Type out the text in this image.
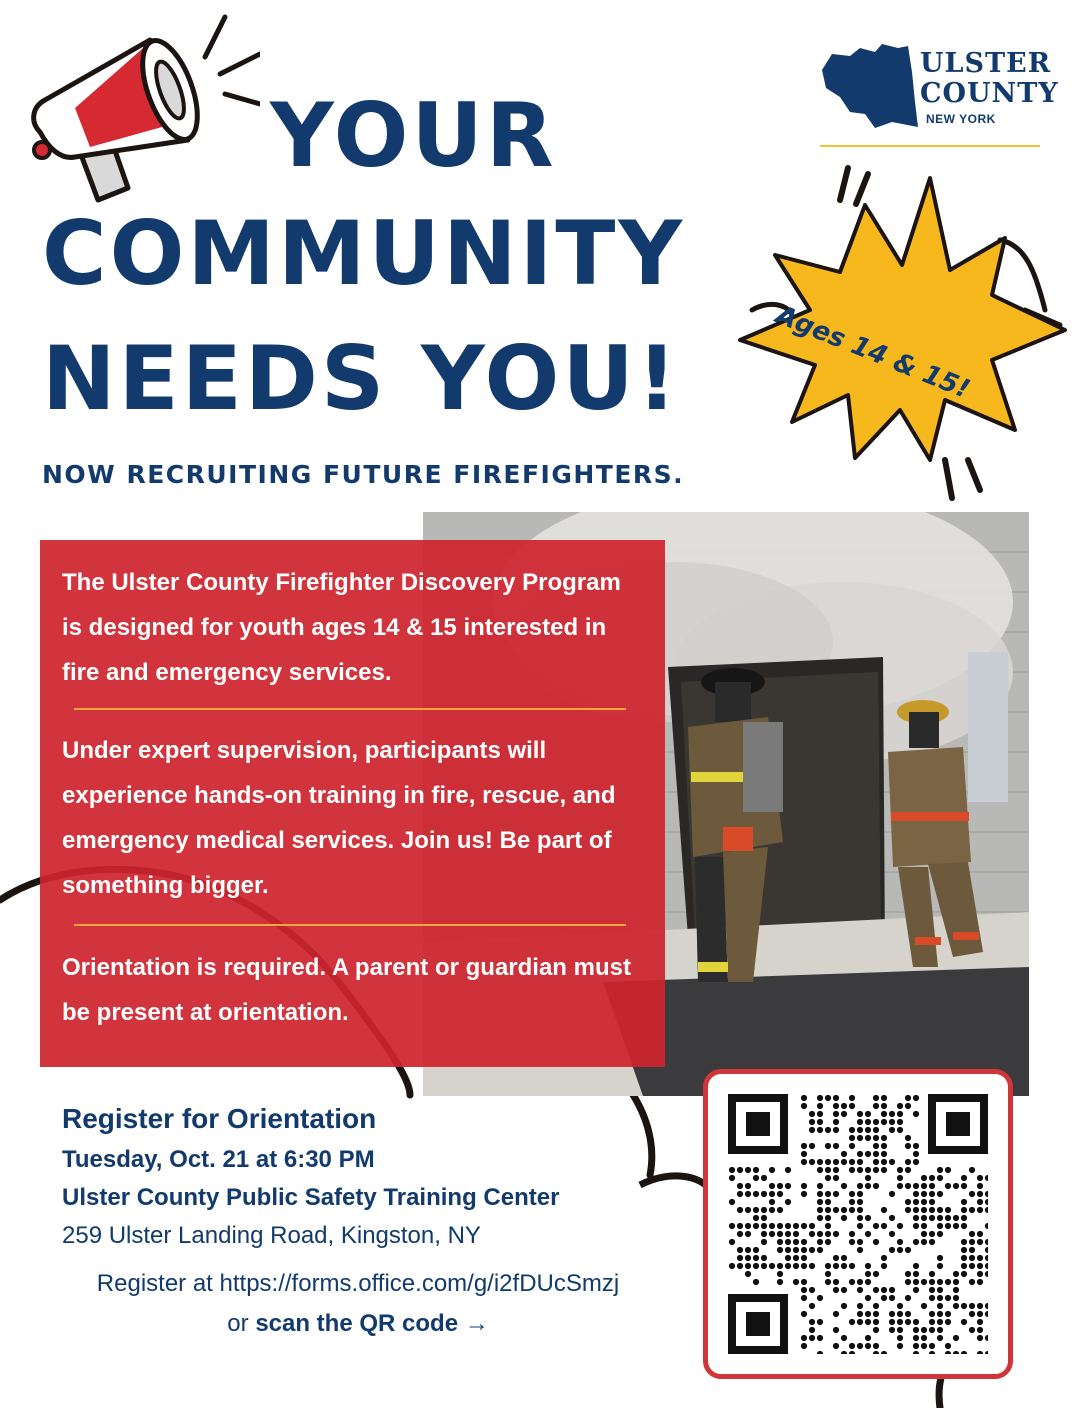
YOUR
COMMUNITY
NEEDS YOU!
NOW RECRUITING FUTURE FIREFIGHTERS.
ULSTER
COUNTY
NEW YORK
Ages 14 & 15!
The Ulster County Firefighter Discovery Program is designed for youth ages 14 & 15 interested in fire and emergency services.
Under expert supervision, participants will experience hands-on training in fire, rescue, and emergency medical services. Join us! Be part of something bigger.
Orientation is required. A parent or guardian must be present at orientation.
Register for Orientation
Tuesday, Oct. 21 at 6:30 PM
Ulster County Public Safety Training Center
259 Ulster Landing Road, Kingston, NY
Register at https://forms.office.com/g/i2fDUcSmzj
or scan the QR code →
